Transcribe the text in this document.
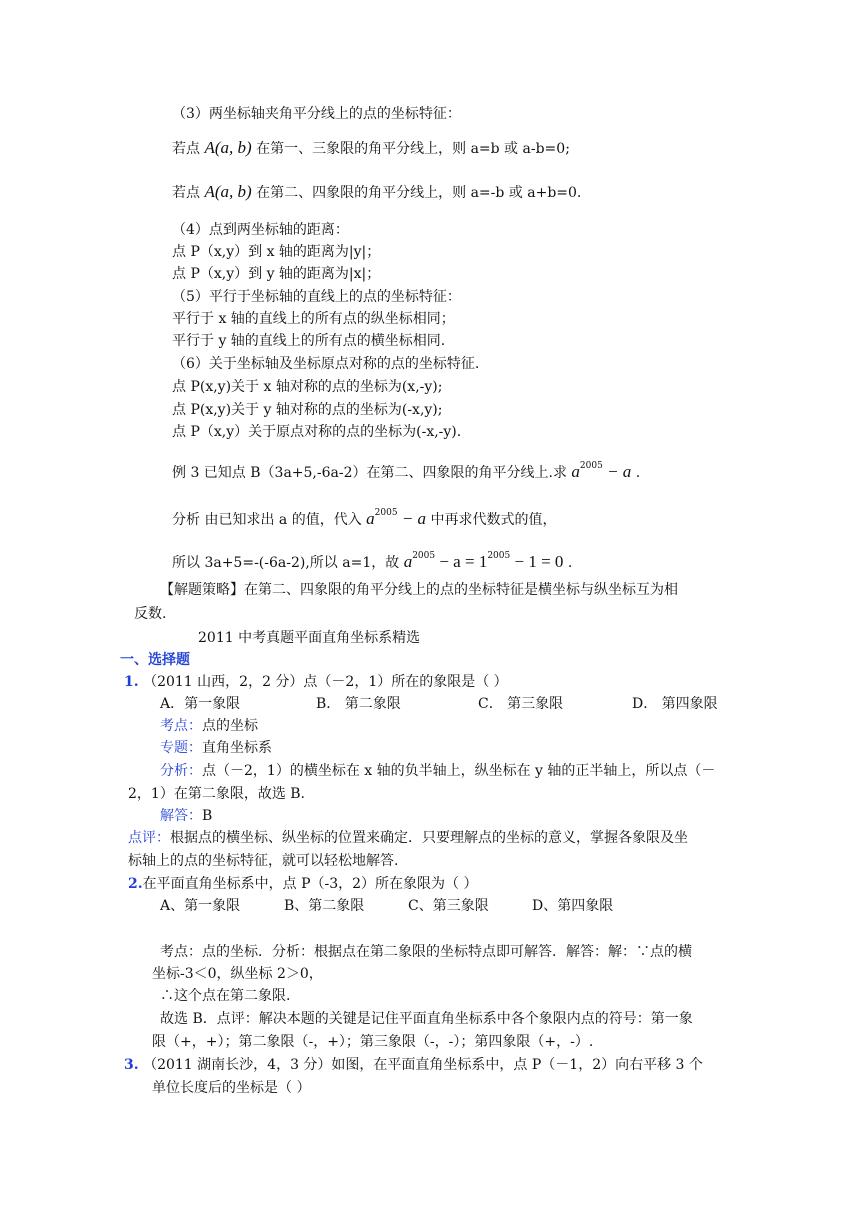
（3）两坐标轴夹角平分线上的点的坐标特征：
若点 A(a, b) 在第一、三象限的角平分线上，则 a=b 或 a-b=0;
若点 A(a, b) 在第二、四象限的角平分线上，则 a=-b 或 a+b=0.
（4）点到两坐标轴的距离：
点 P（x,y）到 x 轴的距离为|y|；
点 P（x,y）到 y 轴的距离为|x|；
（5）平行于坐标轴的直线上的点的坐标特征：
平行于 x 轴的直线上的所有点的纵坐标相同；
平行于 y 轴的直线上的所有点的横坐标相同.
（6）关于坐标轴及坐标原点对称的点的坐标特征.
点 P(x,y)关于 x 轴对称的点的坐标为(x,-y);
点 P(x,y)关于 y 轴对称的点的坐标为(-x,y);
点 P（x,y）关于原点对称的点的坐标为(-x,-y).
例 3 已知点 B（3a+5,-6a-2）在第二、四象限的角平分线上.求 $a^{2005} - a$ .
分析 由已知求出 a 的值，代入 $a^{2005} - a$ 中再求代数式的值，
所以 3a+5=-(-6a-2),所以 a=1，故 $a^{2005} - a = 1^{2005} - 1 = 0$ .
【解题策略】在第二、四象限的角平分线上的点的坐标特征是横坐标与纵坐标互为相
反数.
2011 中考真题平面直角坐标系精选
一、选择题
1. （2011 山西，2，2 分）点（－2，1）所在的象限是（ ）
A．第一象限	B． 第二象限	C． 第三象限	D． 第四象限
考点：点的坐标
专题：直角坐标系
分析：点（－2，1）的横坐标在 x 轴的负半轴上，纵坐标在 y 轴的正半轴上，所以点（－
2，1）在第二象限，故选 B.
解答：B
点评：根据点的横坐标、纵坐标的位置来确定．只要理解点的坐标的意义，掌握各象限及坐
标轴上的点的坐标特征，就可以轻松地解答.
2.在平面直角坐标系中，点 P（-3，2）所在象限为（ ）
A、第一象限	B、第二象限	C、第三象限	D、第四象限
考点：点的坐标．分析：根据点在第二象限的坐标特点即可解答．解答：解：∵点的横
坐标-3＜0，纵坐标 2＞0，
∴这个点在第二象限.
故选 B．点评：解决本题的关键是记住平面直角坐标系中各个象限内点的符号：第一象
限（+，+）；第二象限（-，+）；第三象限（-，-）；第四象限（+，-）.
3. （2011 湖南长沙，4，3 分）如图，在平面直角坐标系中，点 P（－1，2）向右平移 3 个
单位长度后的坐标是（ ）
